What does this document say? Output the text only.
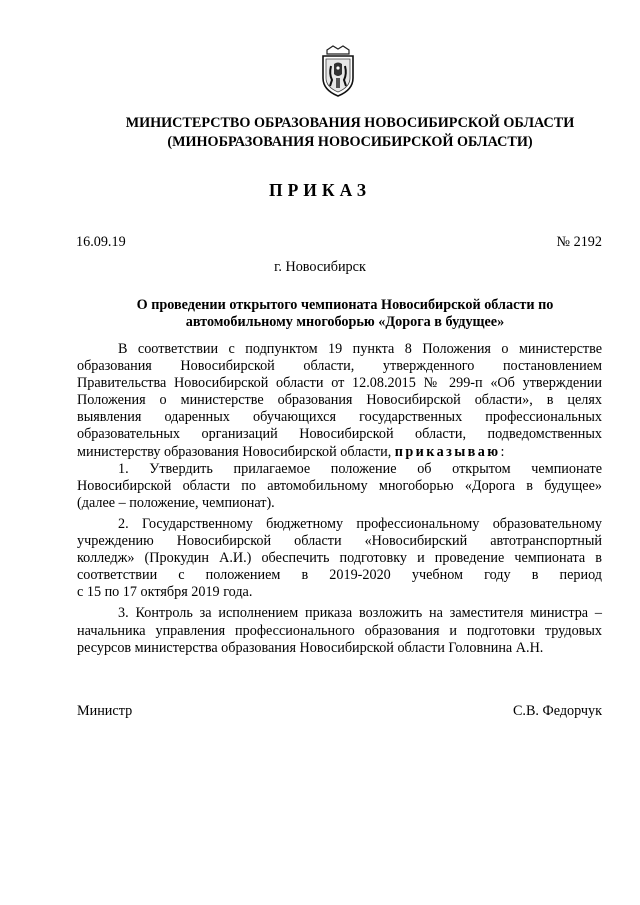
МИНИСТЕРСТВО ОБРАЗОВАНИЯ НОВОСИБИРСКОЙ ОБЛАСТИ
(МИНОБРАЗОВАНИЯ НОВОСИБИРСКОЙ ОБЛАСТИ)
ПРИКАЗ
16.09.19	№ 2192
г. Новосибирск
О проведении открытого чемпионата Новосибирской области по
автомобильному многоборью «Дорога в будущее»
В соответствии с подпунктом 19 пункта 8 Положения о министерстве
образования Новосибирской области, утвержденного постановлением
Правительства Новосибирской области от 12.08.2015 № 299-п «Об утверждении
Положения о министерстве образования Новосибирской области», в целях
выявления одаренных обучающихся государственных профессиональных
образовательных организаций Новосибирской области, подведомственных
министерству образования Новосибирской области, приказываю:
1. Утвердить прилагаемое положение об открытом чемпионате
Новосибирской области по автомобильному многоборью «Дорога в будущее»
(далее – положение, чемпионат).
2. Государственному бюджетному профессиональному образовательному
учреждению Новосибирской области «Новосибирский автотранспортный
колледж» (Прокудин А.И.) обеспечить подготовку и проведение чемпионата в
соответствии с положением в 2019-2020 учебном году в период
с 15 по 17 октября 2019 года.
3. Контроль за исполнением приказа возложить на заместителя министра –
начальника управления профессионального образования и подготовки трудовых
ресурсов министерства образования Новосибирской области Головнина А.Н.
Министр	С.В. Федорчук
